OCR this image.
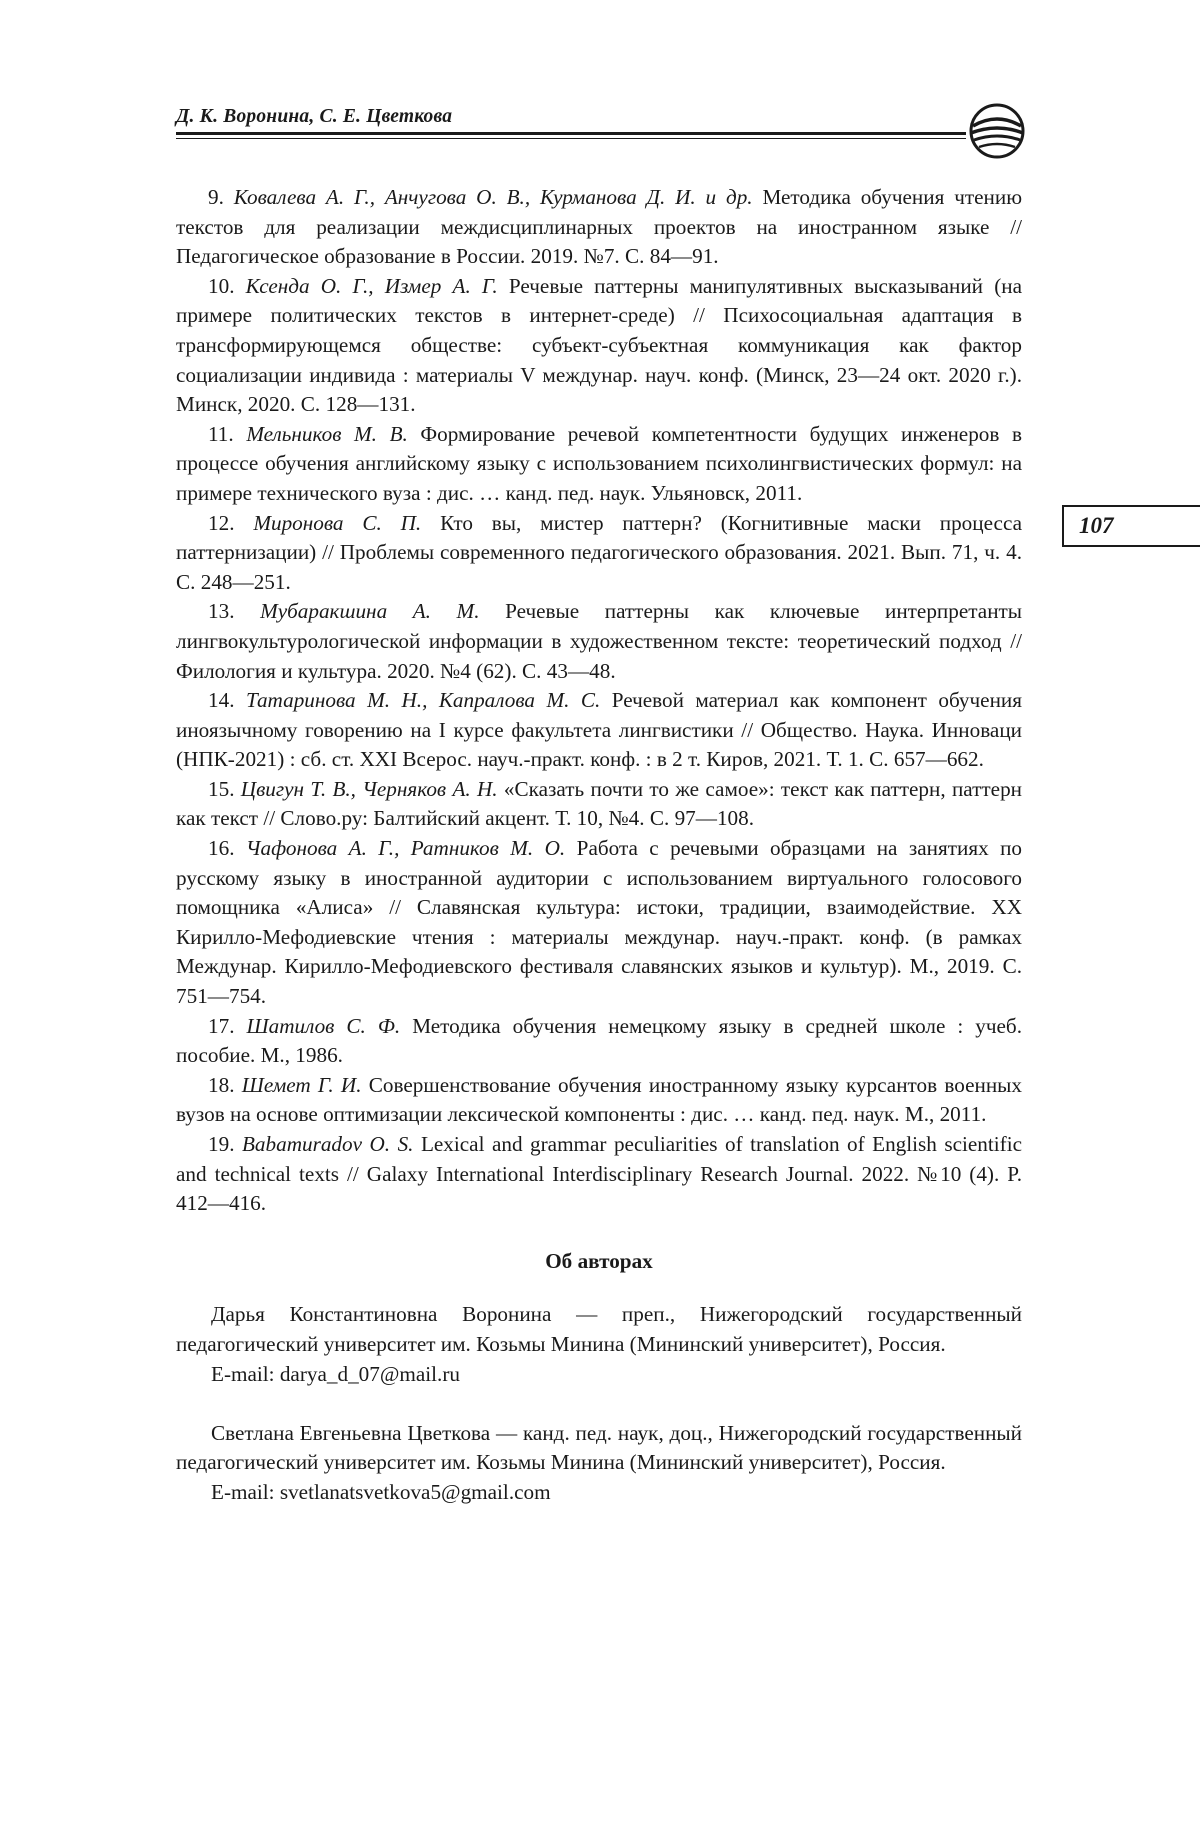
Д. К. Воронина, С. Е. Цветкова
107

9. Ковалева А. Г., Анчугова О. В., Курманова Д. И. и др. Методика обучения чтению текстов для реализации междисциплинарных проектов на иностранном языке // Педагогическое образование в России. 2019. №7. С. 84—91.

10. Ксенда О. Г., Измер А. Г. Речевые паттерны манипулятивных высказываний (на примере политических текстов в интернет-среде) // Психосоциальная адаптация в трансформирующемся обществе: субъект-субъектная коммуникация как фактор социализации индивида : материалы V междунар. науч. конф. (Минск, 23—24 окт. 2020 г.). Минск, 2020. С. 128—131.

11. Мельников М. В. Формирование речевой компетентности будущих инженеров в процессе обучения английскому языку с использованием психолингвистических формул: на примере технического вуза : дис. … канд. пед. наук. Ульяновск, 2011.

12. Миронова С. П. Кто вы, мистер паттерн? (Когнитивные маски процесса паттернизации) // Проблемы современного педагогического образования. 2021. Вып. 71, ч. 4. С. 248—251.

13. Мубаракшина А. М. Речевые паттерны как ключевые интерпретанты лингвокультурологической информации в художественном тексте: теоретический подход // Филология и культура. 2020. №4 (62). С. 43—48.

14. Татаринова М. Н., Капралова М. С. Речевой материал как компонент обучения иноязычному говорению на I курсе факультета лингвистики // Общество. Наука. Инноваци (НПК-2021) : сб. ст. XXI Всерос. науч.-практ. конф. : в 2 т. Киров, 2021. Т. 1. С. 657—662.

15. Цвигун Т. В., Черняков А. Н. «Сказать почти то же самое»: текст как паттерн, паттерн как текст // Слово.ру: Балтийский акцент. Т. 10, №4. С. 97—108.

16. Чафонова А. Г., Ратников М. О. Работа с речевыми образцами на занятиях по русскому языку в иностранной аудитории с использованием виртуального голосового помощника «Алиса» // Славянская культура: истоки, традиции, взаимодействие. XX Кирилло-Мефодиевские чтения : материалы междунар. науч.-практ. конф. (в рамках Междунар. Кирилло-Мефодиевского фестиваля славянских языков и культур). М., 2019. С. 751—754.

17. Шатилов С. Ф. Методика обучения немецкому языку в средней школе : учеб. пособие. М., 1986.

18. Шемет Г. И. Совершенствование обучения иностранному языку курсантов военных вузов на основе оптимизации лексической компоненты : дис. … канд. пед. наук. М., 2011.

19. Babamuradov O. S. Lexical and grammar peculiarities of translation of English scientific and technical texts // Galaxy International Interdisciplinary Research Journal. 2022. №10 (4). P. 412—416.

Об авторах

Дарья Константиновна Воронина — преп., Нижегородский государственный педагогический университет им. Козьмы Минина (Мининский университет), Россия.

E-mail: darya_d_07@mail.ru

Светлана Евгеньевна Цветкова — канд. пед. наук, доц., Нижегородский государственный педагогический университет им. Козьмы Минина (Мининский университет), Россия.

E-mail: svetlanatsvetkova5@gmail.com
